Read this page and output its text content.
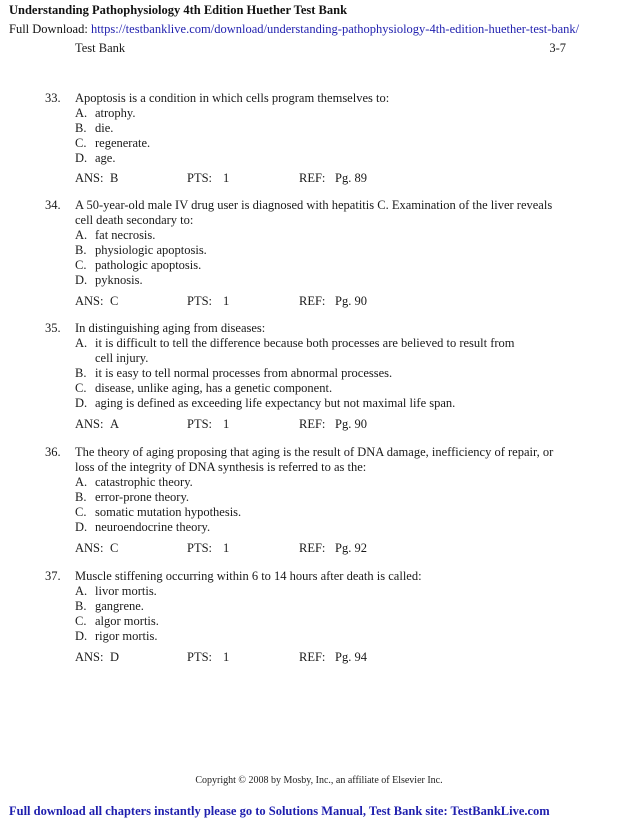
Understanding Pathophysiology 4th Edition Huether Test Bank
Full Download: https://testbanklive.com/download/understanding-pathophysiology-4th-edition-huether-test-bank/
Test Bank	3-7
33.	Apoptosis is a condition in which cells program themselves to:
A. atrophy.
B. die.
C. regenerate.
D. age.
ANS: B	PTS: 1	REF: Pg. 89
34.	A 50-year-old male IV drug user is diagnosed with hepatitis C. Examination of the liver reveals cell death secondary to:
A. fat necrosis.
B. physiologic apoptosis.
C. pathologic apoptosis.
D. pyknosis.
ANS: C	PTS: 1	REF: Pg. 90
35.	In distinguishing aging from diseases:
A. it is difficult to tell the difference because both processes are believed to result from cell injury.
B. it is easy to tell normal processes from abnormal processes.
C. disease, unlike aging, has a genetic component.
D. aging is defined as exceeding life expectancy but not maximal life span.
ANS: A	PTS: 1	REF: Pg. 90
36.	The theory of aging proposing that aging is the result of DNA damage, inefficiency of repair, or loss of the integrity of DNA synthesis is referred to as the:
A. catastrophic theory.
B. error-prone theory.
C. somatic mutation hypothesis.
D. neuroendocrine theory.
ANS: C	PTS: 1	REF: Pg. 92
37.	Muscle stiffening occurring within 6 to 14 hours after death is called:
A. livor mortis.
B. gangrene.
C. algor mortis.
D. rigor mortis.
ANS: D	PTS: 1	REF: Pg. 94
Copyright © 2008 by Mosby, Inc., an affiliate of Elsevier Inc.
Full download all chapters instantly please go to Solutions Manual, Test Bank site: TestBankLive.com
